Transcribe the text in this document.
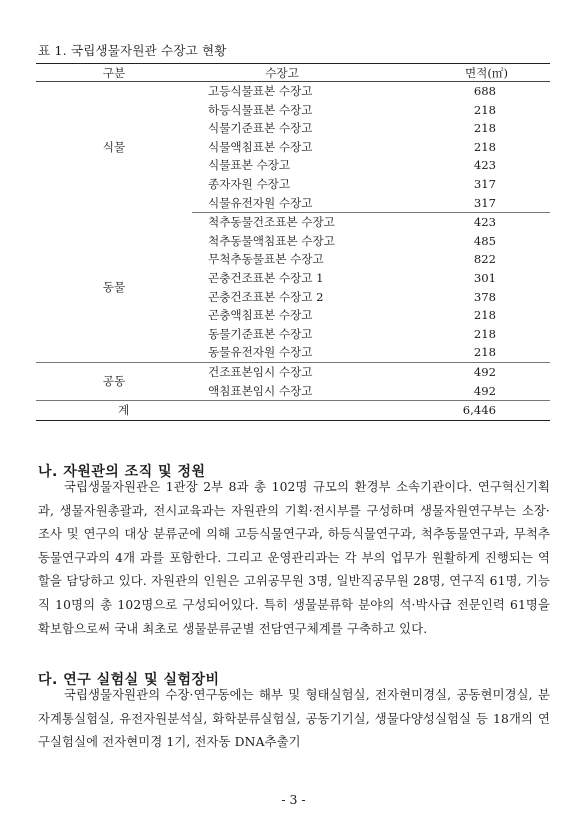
표 1. 국립생물자원관 수장고 현황
구분	수장고	면적(㎡)
식물	고등식물표본 수장고	688
	하등식물표본 수장고	218
	식물기준표본 수장고	218
	식물액침표본 수장고	218
	식물표본 수장고	423
	종자자원 수장고	317
	식물유전자원 수장고	317
동물	척추동물건조표본 수장고	423
	척추동물액침표본 수장고	485
	무척추동물표본 수장고	822
	곤충건조표본 수장고 1	301
	곤충건조표본 수장고 2	378
	곤충액침표본 수장고	218
	동물기준표본 수장고	218
	동물유전자원 수장고	218
공동	건조표본임시 수장고	492
	액침표본임시 수장고	492
계		6,446
나. 자원관의 조직 및 정원

국립생물자원관은 1관장 2부 8과 총 102명 규모의 환경부 소속기관이다. 연구혁신기획과, 생물자원총괄과, 전시교육과는 자원관의 기획·전시부를 구성하며 생물자원연구부는 소장·조사 및 연구의 대상 분류군에 의해 고등식물연구과, 하등식물연구과, 척추동물연구과, 무척추동물연구과의 4개 과를 포함한다. 그리고 운영관리과는 각 부의 업무가 원활하게 진행되는 역할을 담당하고 있다. 자원관의 인원은 고위공무원 3명, 일반직공무원 28명, 연구직 61명, 기능직 10명의 총 102명으로 구성되어있다. 특히 생물분류학 분야의 석·박사급 전문인력 61명을 확보함으로써 국내 최초로 생물분류군별 전담연구체계를 구축하고 있다.

다. 연구 실험실 및 실험장비

국립생물자원관의 수장·연구동에는 해부 및 형태실험실, 전자현미경실, 공동현미경실, 분자계통실험실, 유전자원분석실, 화학분류실험실, 공동기기실, 생물다양성실험실 등 18개의 연구실험실에 전자현미경 1기, 전자동 DNA추출기

- 3 -
